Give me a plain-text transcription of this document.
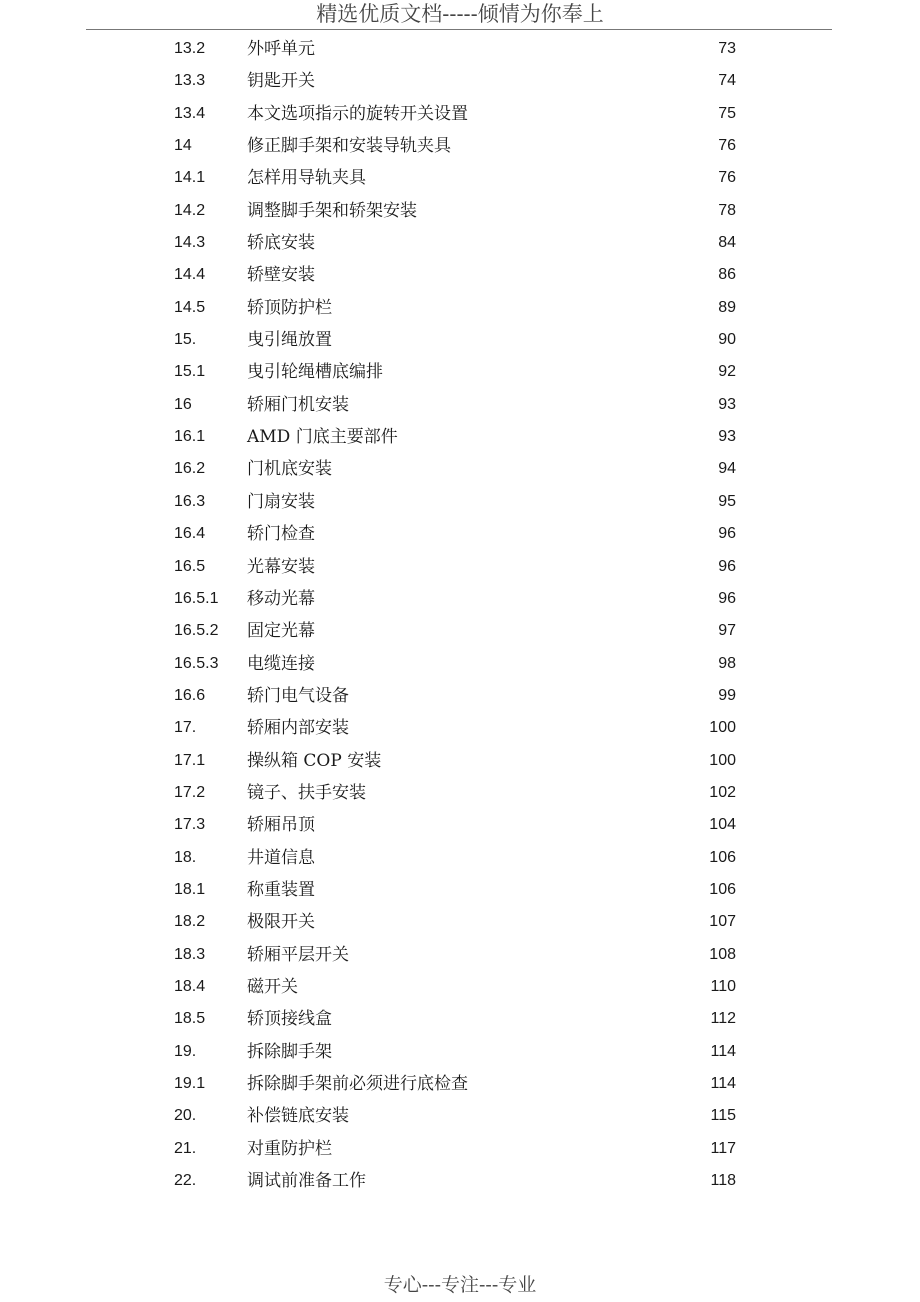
精选优质文档-----倾情为你奉上
13.2 外呼单元	73
13.3 钥匙开关	74
13.4 本文选项指示的旋转开关设置	75
14	修正脚手架和安装导轨夹具	76
14.1 怎样用导轨夹具	76
14.2 调整脚手架和轿架安装	78
14.3 轿底安装	84
14.4 轿壁安装	86
14.5 轿顶防护栏	89
15.	曳引绳放置	90
15.1 曳引轮绳槽底编排	92
16	轿厢门机安装	93
16.1 AMD 门底主要部件	93
16.2 门机底安装	94
16.3 门扇安装	95
16.4 轿门检查	96
16.5 光幕安装	96
16.5.1 移动光幕	96
16.5.2 固定光幕	97
16.5.3 电缆连接	98
16.6 轿门电气设备	99
17.	轿厢内部安装	100
17.1 操纵箱 COP 安装	100
17.2 镜子、扶手安装	102
17.3 轿厢吊顶	104
18.	井道信息	106
18.1 称重装置	106
18.2 极限开关	107
18.3 轿厢平层开关	108
18.4 磁开关	110
18.5 轿顶接线盒	112
19.	拆除脚手架	114
19.1 拆除脚手架前必须进行底检查	114
20.	补偿链底安装	115
21.	对重防护栏	117
22.	调试前准备工作	118
专心---专注---专业
